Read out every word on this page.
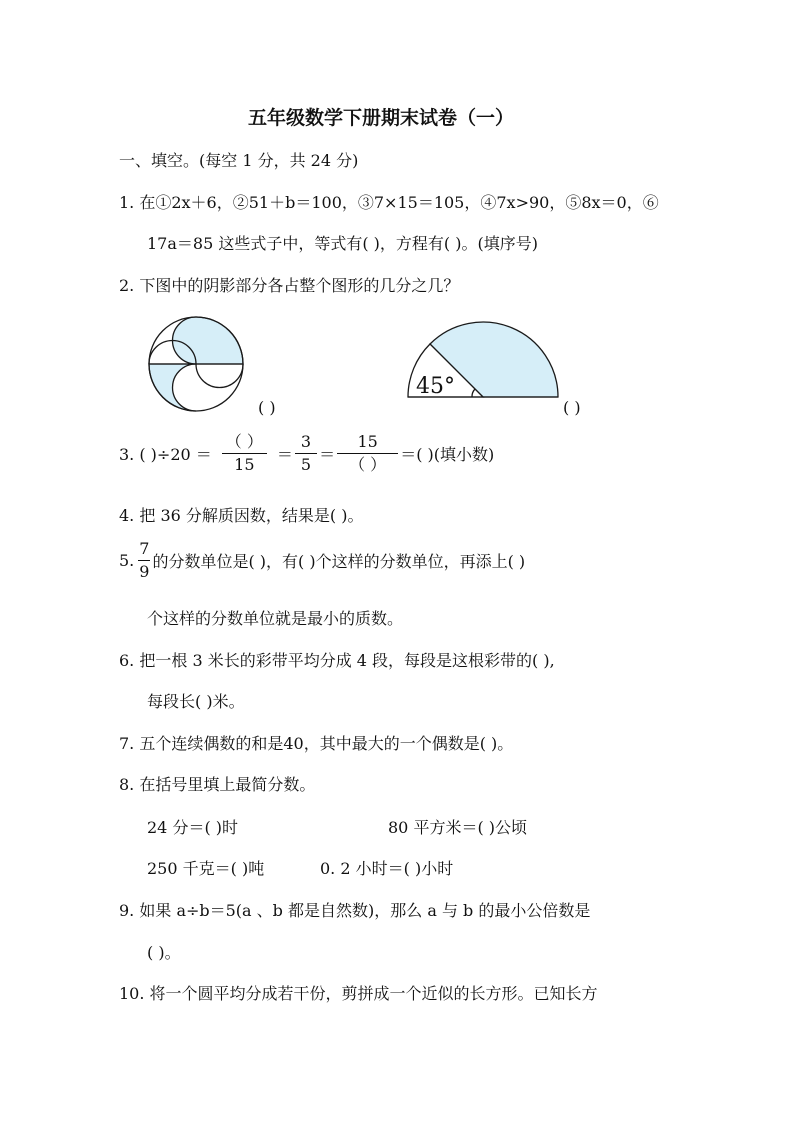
五年级数学下册期末试卷（一）
一、填空。(每空 1 分，共 24 分)
1. 在①2x＋6，②51＋b＝100，③7×15＝105，④7x>90，⑤8x＝0，⑥
17a＝85 这些式子中，等式有( )，方程有( )。(填序号)
2. 下图中的阴影部分各占整个图形的几分之几？
( )
45°
( )
3. ( )$\div 20 = \frac{( )}{15} = \frac{3}{5} = \frac{15}{( )}$ ＝( )(填小数)
4. 把 36 分解质因数，结果是( )。
5. $\frac{7}{9}$ 的分数单位是( )，有( )个这样的分数单位，再添上( )
个这样的分数单位就是最小的质数。
6. 把一根 3 米长的彩带平均分成 4 段，每段是这根彩带的( ),
每段长( )米。
7. 五个连续偶数的和是40，其中最大的一个偶数是( )。
8. 在括号里填上最简分数。
24 分＝( )时	80 平方米＝( )公顷
250 千克＝( )吨	0. 2 小时＝( )小时
9. 如果 a÷b＝5(a 、b 都是自然数)，那么 a 与 b 的最小公倍数是
( )。
10. 将一个圆平均分成若干份，剪拼成一个近似的长方形。已知长方
